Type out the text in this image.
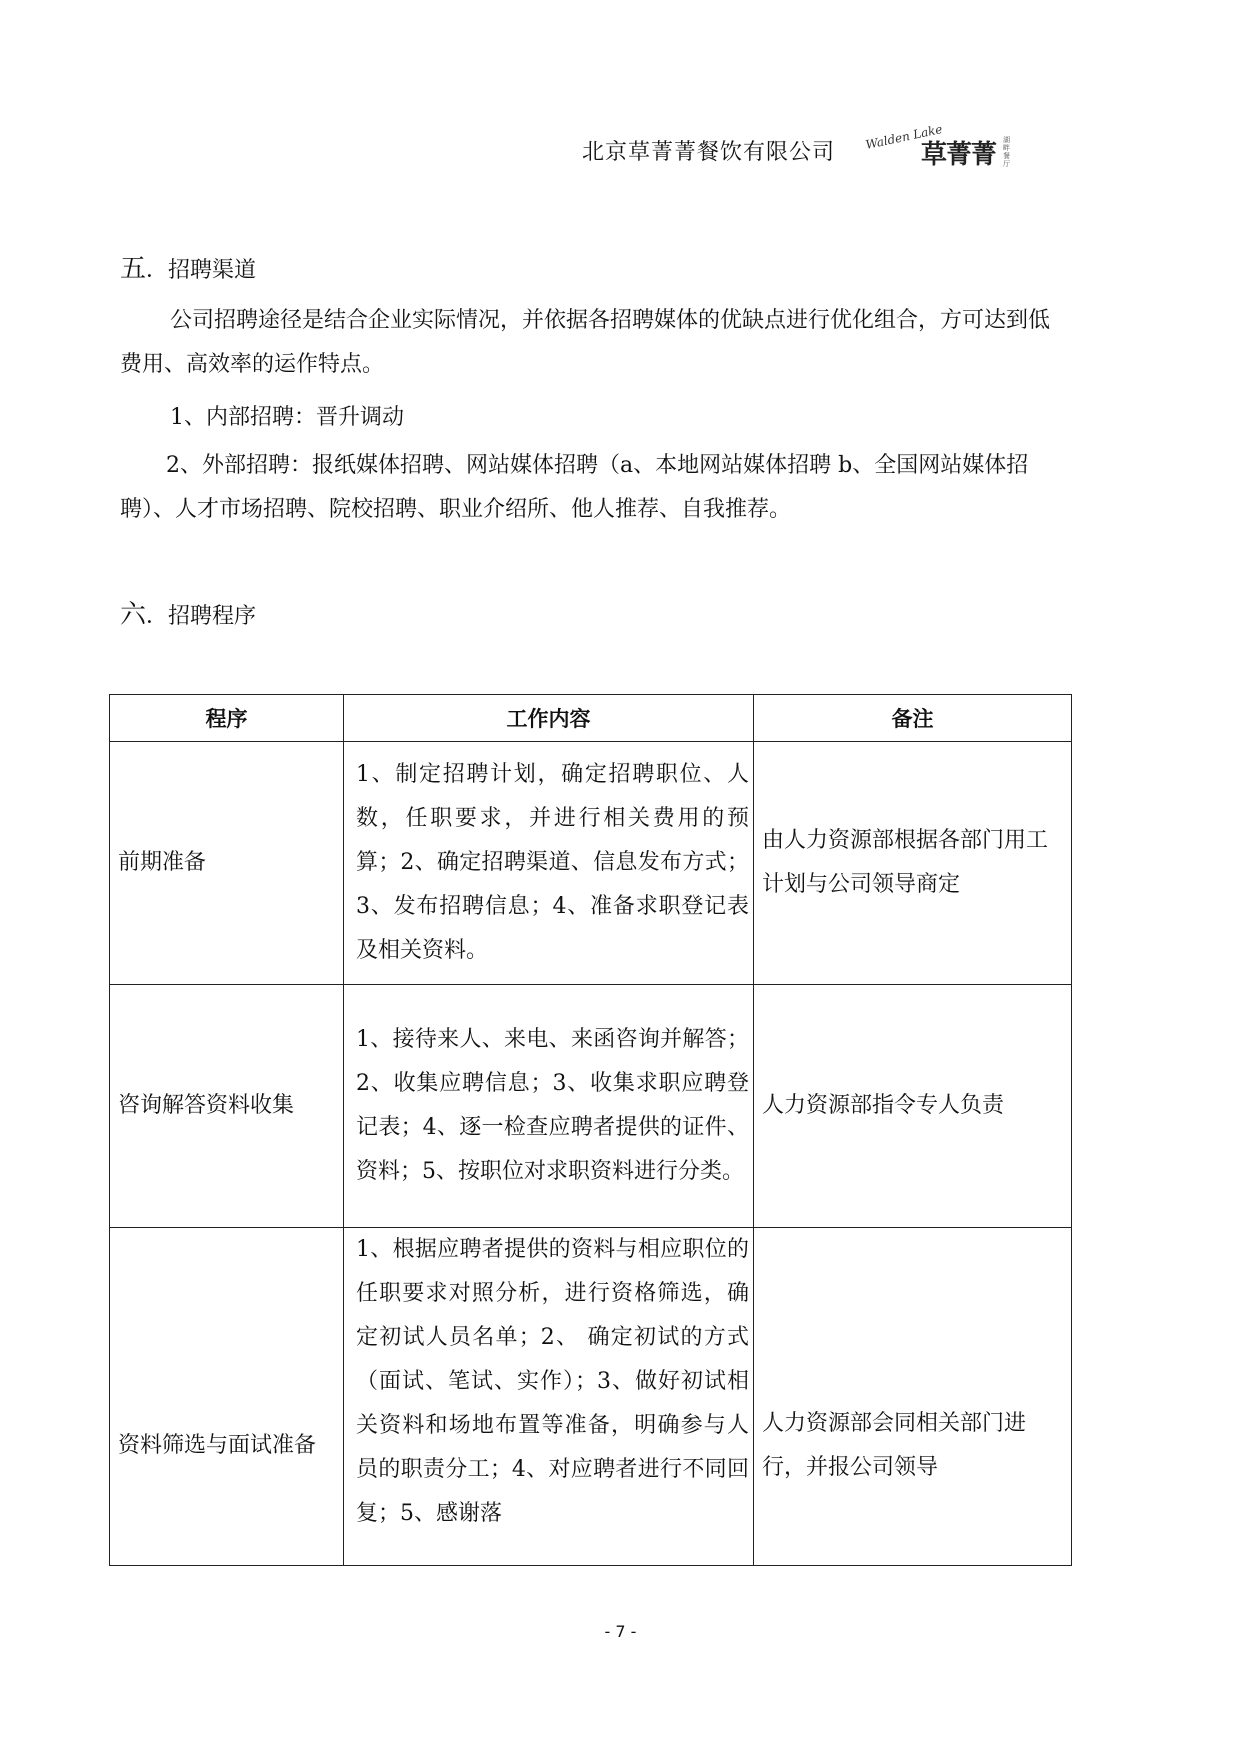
北京草菁菁餐饮有限公司
Walden Lake
草菁菁 湖畔餐厅
五．招聘渠道
公司招聘途径是结合企业实际情况，并依据各招聘媒体的优缺点进行优化组合，方可达到低费用、高效率的运作特点。
1、内部招聘：晋升调动
2、外部招聘：报纸媒体招聘、网站媒体招聘（a、本地网站媒体招聘 b、全国网站媒体招聘）、人才市场招聘、院校招聘、职业介绍所、他人推荐、自我推荐。
六．招聘程序
程序	工作内容	备注
前期准备	1、制定招聘计划，确定招聘职位、人数，任职要求，并进行相关费用的预算；2、确定招聘渠道、信息发布方式；3、发布招聘信息；4、准备求职登记表及相关资料。	由人力资源部根据各部门用工计划与公司领导商定
咨询解答资料收集	1、接待来人、来电、来函咨询并解答；2、收集应聘信息；3、收集求职应聘登记表；4、逐一检查应聘者提供的证件、资料；5、按职位对求职资料进行分类。	人力资源部指令专人负责
资料筛选与面试准备	1、根据应聘者提供的资料与相应职位的任职要求对照分析，进行资格筛选，确定初试人员名单；2、 确定初试的方式（面试、笔试、实作）；3、做好初试相关资料和场地布置等准备，明确参与人员的职责分工；4、对应聘者进行不同回复；5、感谢落	人力资源部会同相关部门进行，并报公司领导
- 7 -
